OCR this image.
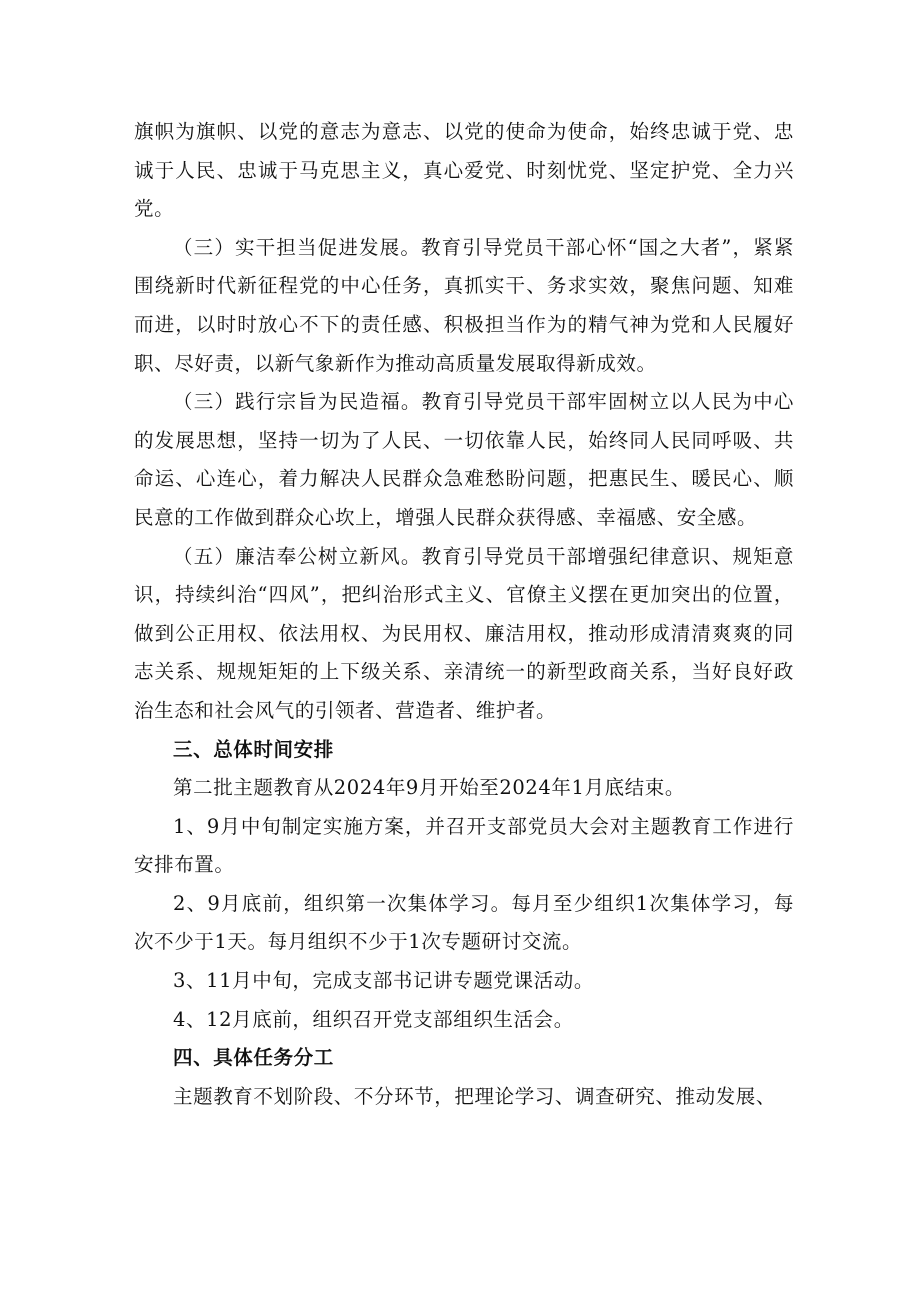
旗帜为旗帜、以党的意志为意志、以党的使命为使命，始终忠诚于党、忠诚于人民、忠诚于马克思主义，真心爱党、时刻忧党、坚定护党、全力兴党。

（三）实干担当促进发展。教育引导党员干部心怀“国之大者”，紧紧围绕新时代新征程党的中心任务，真抓实干、务求实效，聚焦问题、知难而进，以时时放心不下的责任感、积极担当作为的精气神为党和人民履好职、尽好责，以新气象新作为推动高质量发展取得新成效。

（三）践行宗旨为民造福。教育引导党员干部牢固树立以人民为中心的发展思想，坚持一切为了人民、一切依靠人民，始终同人民同呼吸、共命运、心连心，着力解决人民群众急难愁盼问题，把惠民生、暖民心、顺民意的工作做到群众心坎上，增强人民群众获得感、幸福感、安全感。

（五）廉洁奉公树立新风。教育引导党员干部增强纪律意识、规矩意识，持续纠治“四风”，把纠治形式主义、官僚主义摆在更加突出的位置，做到公正用权、依法用权、为民用权、廉洁用权，推动形成清清爽爽的同志关系、规规矩矩的上下级关系、亲清统一的新型政商关系，当好良好政治生态和社会风气的引领者、营造者、维护者。

三、总体时间安排

第二批主题教育从2024年9月开始至2024年1月底结束。

1、9月中旬制定实施方案，并召开支部党员大会对主题教育工作进行安排布置。

2、9月底前，组织第一次集体学习。每月至少组织1次集体学习，每次不少于1天。每月组织不少于1次专题研讨交流。

3、11月中旬，完成支部书记讲专题党课活动。

4、12月底前，组织召开党支部组织生活会。

四、具体任务分工

主题教育不划阶段、不分环节，把理论学习、调查研究、推动发展、
